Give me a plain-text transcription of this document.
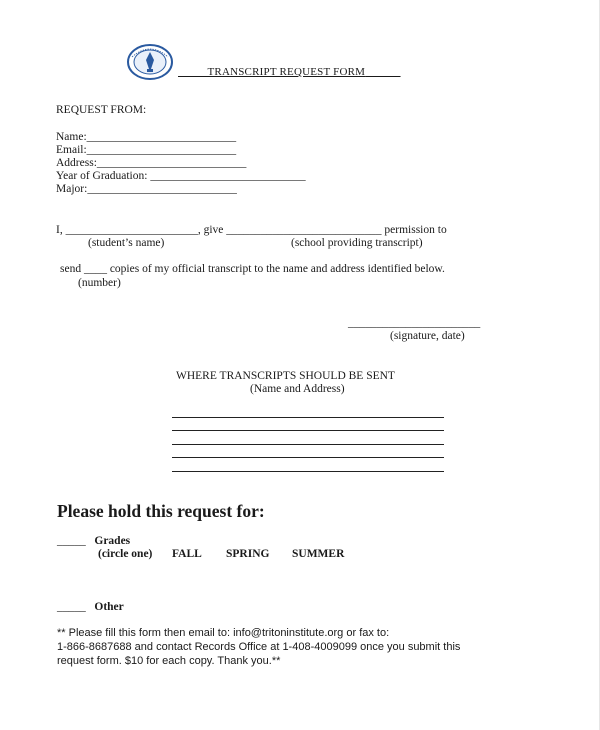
TRANSCRIPT REQUEST FORM
REQUEST FROM:
Name:__________________________
Email:__________________________
Address:__________________________
Year of Graduation: ___________________________
Major:__________________________
I, _______________________, give ___________________________ permission to
(student’s name)	(school providing transcript)
send ____ copies of my official transcript to the name and address identified below.
(number)
_______________________
(signature, date)
WHERE TRANSCRIPTS SHOULD BE SENT
(Name and Address)
Please hold this request for:
_____ Grades
(circle one) FALL SPRING SUMMER
_____ Other
** Please fill this form then email to: info@tritoninstitute.org or fax to:
1-866-8687688 and contact Records Office at 1-408-4009099 once you submit this
request form. $10 for each copy. Thank you.**
